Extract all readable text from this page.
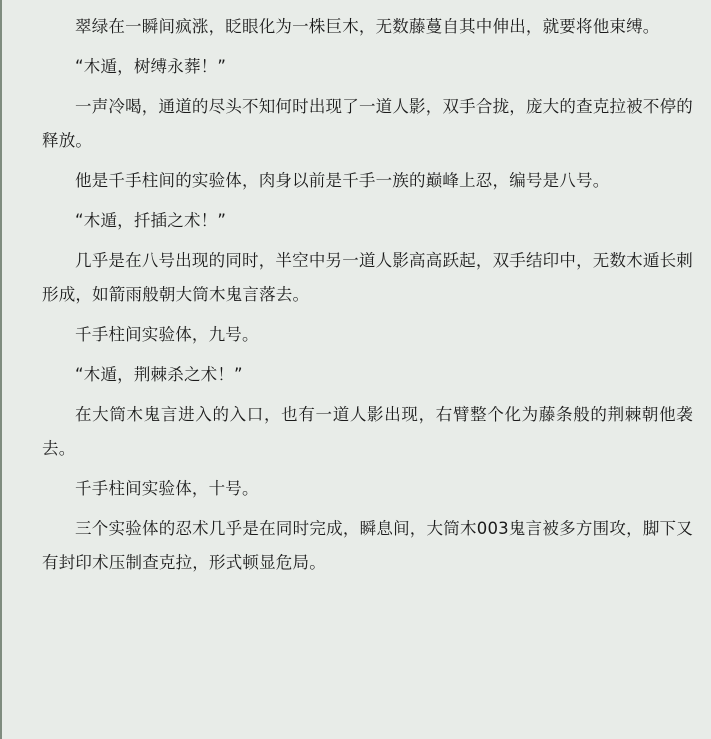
翠绿在一瞬间疯涨，眨眼化为一株巨木，无数藤蔓自其中伸出，就要将他束缚。

“木遁，树缚永葬！”

一声冷喝，通道的尽头不知何时出现了一道人影，双手合拢，庞大的查克拉被不停的释放。

他是千手柱间的实验体，肉身以前是千手一族的巅峰上忍，编号是八号。

“木遁，扦插之术！”

几乎是在八号出现的同时，半空中另一道人影高高跃起，双手结印中，无数木遁长刺形成，如箭雨般朝大筒木鬼言落去。

千手柱间实验体，九号。

“木遁，荆棘杀之术！”

在大筒木鬼言进入的入口，也有一道人影出现，右臂整个化为藤条般的荆棘朝他袭去。

千手柱间实验体，十号。

三个实验体的忍术几乎是在同时完成，瞬息间，大筒木003鬼言被多方围攻，脚下又有封印术压制查克拉，形式顿显危局。
